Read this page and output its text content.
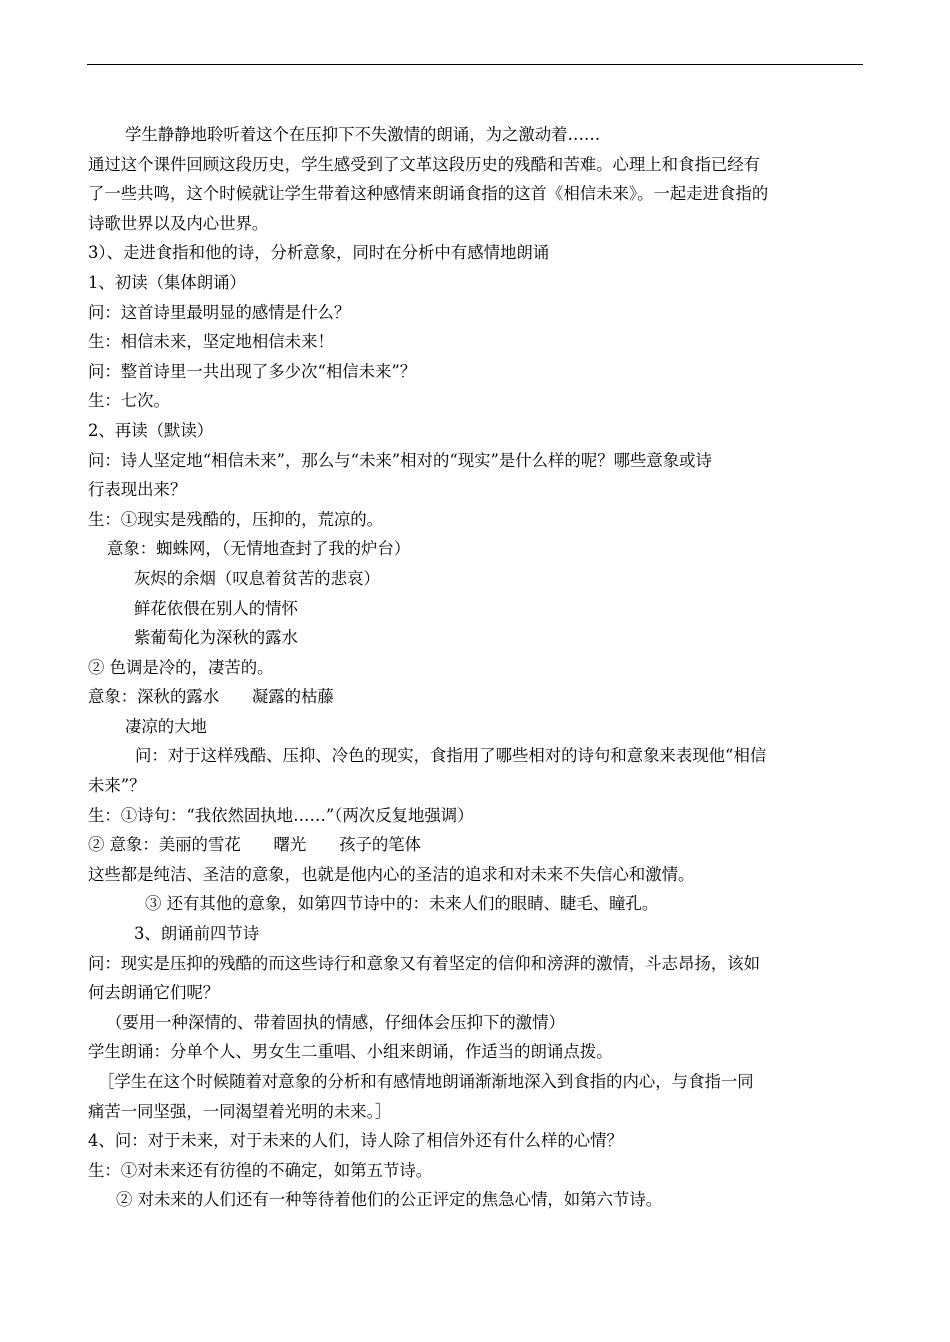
学生静静地聆听着这个在压抑下不失激情的朗诵，为之激动着……

通过这个课件回顾这段历史，学生感受到了文革这段历史的残酷和苦难。心理上和食指已经有

了一些共鸣，这个时候就让学生带着这种感情来朗诵食指的这首《相信未来》。一起走进食指的

诗歌世界以及内心世界。

3）、走进食指和他的诗，分析意象，同时在分析中有感情地朗诵

1、初读（集体朗诵）

问：这首诗里最明显的感情是什么？

生：相信未来，坚定地相信未来！

问：整首诗里一共出现了多少次“相信未来”？

生：七次。

2、再读（默读）

问：诗人坚定地“相信未来”，那么与“未来”相对的“现实”是什么样的呢？哪些意象或诗

行表现出来？

生：①现实是残酷的，压抑的，荒凉的。

意象：蜘蛛网，（无情地查封了我的炉台）

灰烬的余烟（叹息着贫苦的悲哀）

鲜花依偎在别人的情怀

紫葡萄化为深秋的露水

② 色调是冷的，凄苦的。

意象：深秋的露水　　凝露的枯藤

凄凉的大地

问：对于这样残酷、压抑、冷色的现实，食指用了哪些相对的诗句和意象来表现他“相信

未来”？

生：①诗句：“我依然固执地……”（两次反复地强调）

② 意象：美丽的雪花　　曙光　　孩子的笔体

这些都是纯洁、圣洁的意象，也就是他内心的圣洁的追求和对未来不失信心和激情。

③ 还有其他的意象，如第四节诗中的：未来人们的眼睛、睫毛、瞳孔。

3、朗诵前四节诗

问：现实是压抑的残酷的而这些诗行和意象又有着坚定的信仰和滂湃的激情，斗志昂扬，该如

何去朗诵它们呢？

（要用一种深情的、带着固执的情感，仔细体会压抑下的激情）

学生朗诵：分单个人、男女生二重唱、小组来朗诵，作适当的朗诵点拨。

［学生在这个时候随着对意象的分析和有感情地朗诵渐渐地深入到食指的内心，与食指一同

痛苦一同坚强，一同渴望着光明的未来。］

4、问：对于未来，对于未来的人们，诗人除了相信外还有什么样的心情？

生：①对未来还有彷徨的不确定，如第五节诗。

② 对未来的人们还有一种等待着他们的公正评定的焦急心情，如第六节诗。
